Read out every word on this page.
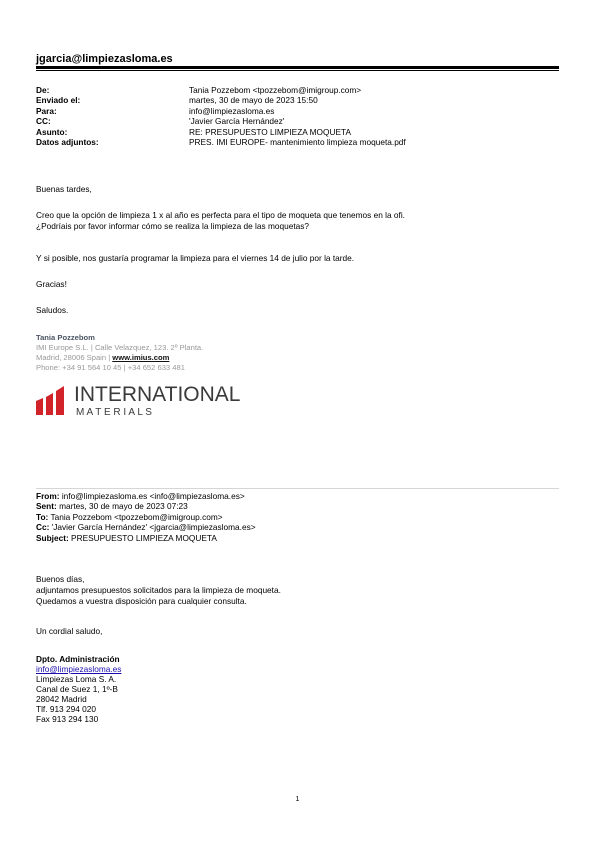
jgarcia@limpiezasloma.es
De:	Tania Pozzebom <tpozzebom@imigroup.com>
Enviado el:	martes, 30 de mayo de 2023 15:50
Para:	info@limpiezasloma.es
CC:	'Javier García Hernández'
Asunto:	RE: PRESUPUESTO LIMPIEZA MOQUETA
Datos adjuntos:	PRES. IMI EUROPE- mantenimiento limpieza moqueta.pdf
Buenas tardes,
Creo que la opción de limpieza 1 x al año es perfecta para el tipo de moqueta que tenemos en la ofi.
¿Podríais por favor informar cómo se realiza la limpieza de las moquetas?
Y si posible, nos gustaría programar la limpieza para el viernes 14 de julio por la tarde.
Gracias!
Saludos.
Tania Pozzebom
IMI Europe S.L. | Calle Velazquez, 123. 2º Planta.
Madrid, 28006 Spain | www.imius.com
Phone: +34 91 564 10 45 | +34 652 633 481
INTERNATIONAL
M A T E R I A L S
From: info@limpiezasloma.es <info@limpiezasloma.es>
Sent: martes, 30 de mayo de 2023 07:23
To: Tania Pozzebom <tpozzebom@imigroup.com>
Cc: 'Javier García Hernández' <jgarcia@limpiezasloma.es>
Subject: PRESUPUESTO LIMPIEZA MOQUETA
Buenos días,
adjuntamos presupuestos solicitados para la limpieza de moqueta.
Quedamos a vuestra disposición para cualquier consulta.
Un cordial saludo,
Dpto. Administración
info@limpiezasloma.es
Limpiezas Loma S. A.
Canal de Suez 1, 1º-B
28042 Madrid
Tlf. 913 294 020
Fax 913 294 130
1
